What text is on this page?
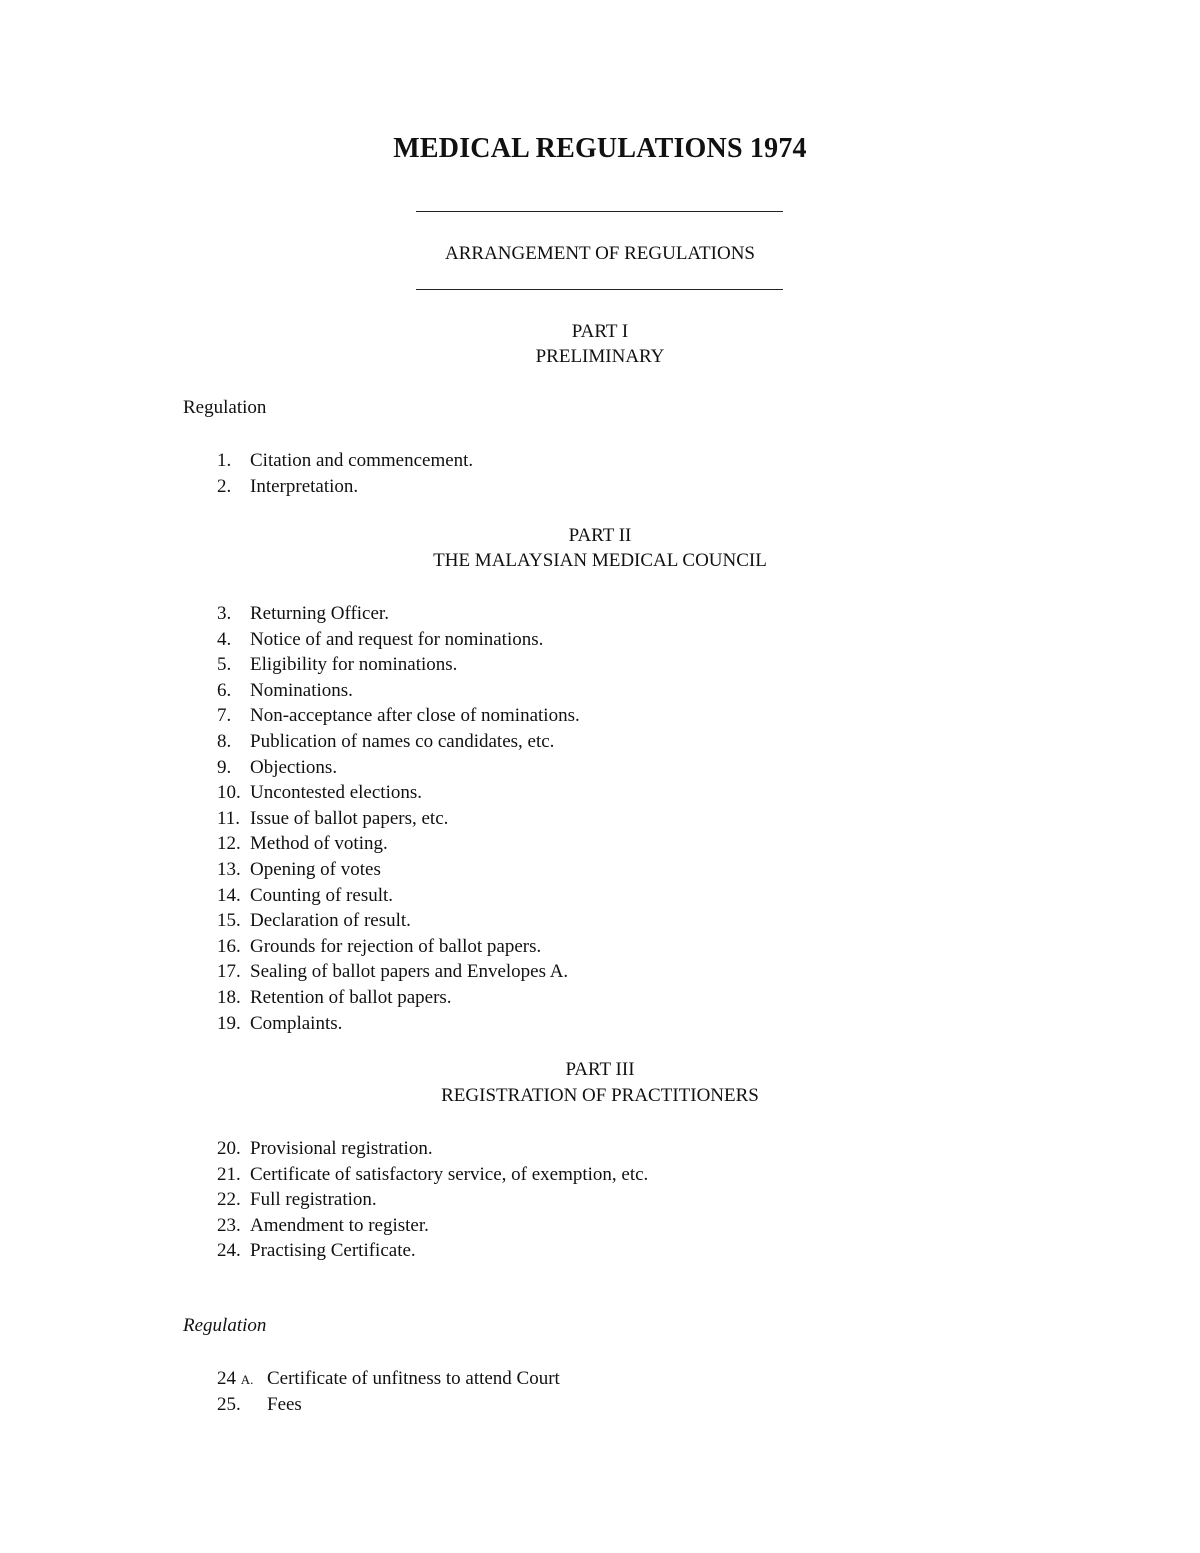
MEDICAL REGULATIONS 1974
ARRANGEMENT OF REGULATIONS
PART I
PRELIMINARY
Regulation
1. Citation and commencement.
2. Interpretation.
PART II
THE MALAYSIAN MEDICAL COUNCIL
3. Returning Officer.
4. Notice of and request for nominations.
5. Eligibility for nominations.
6. Nominations.
7. Non-acceptance after close of nominations.
8. Publication of names co candidates, etc.
9. Objections.
10. Uncontested elections.
11. Issue of ballot papers, etc.
12. Method of voting.
13. Opening of votes
14. Counting of result.
15. Declaration of result.
16. Grounds for rejection of ballot papers.
17. Sealing of ballot papers and Envelopes A.
18. Retention of ballot papers.
19. Complaints.
PART III
REGISTRATION OF PRACTITIONERS
20. Provisional registration.
21. Certificate of satisfactory service, of exemption, etc.
22. Full registration.
23. Amendment to register.
24. Practising Certificate.
Regulation
24 A. Certificate of unfitness to attend Court
25. Fees
